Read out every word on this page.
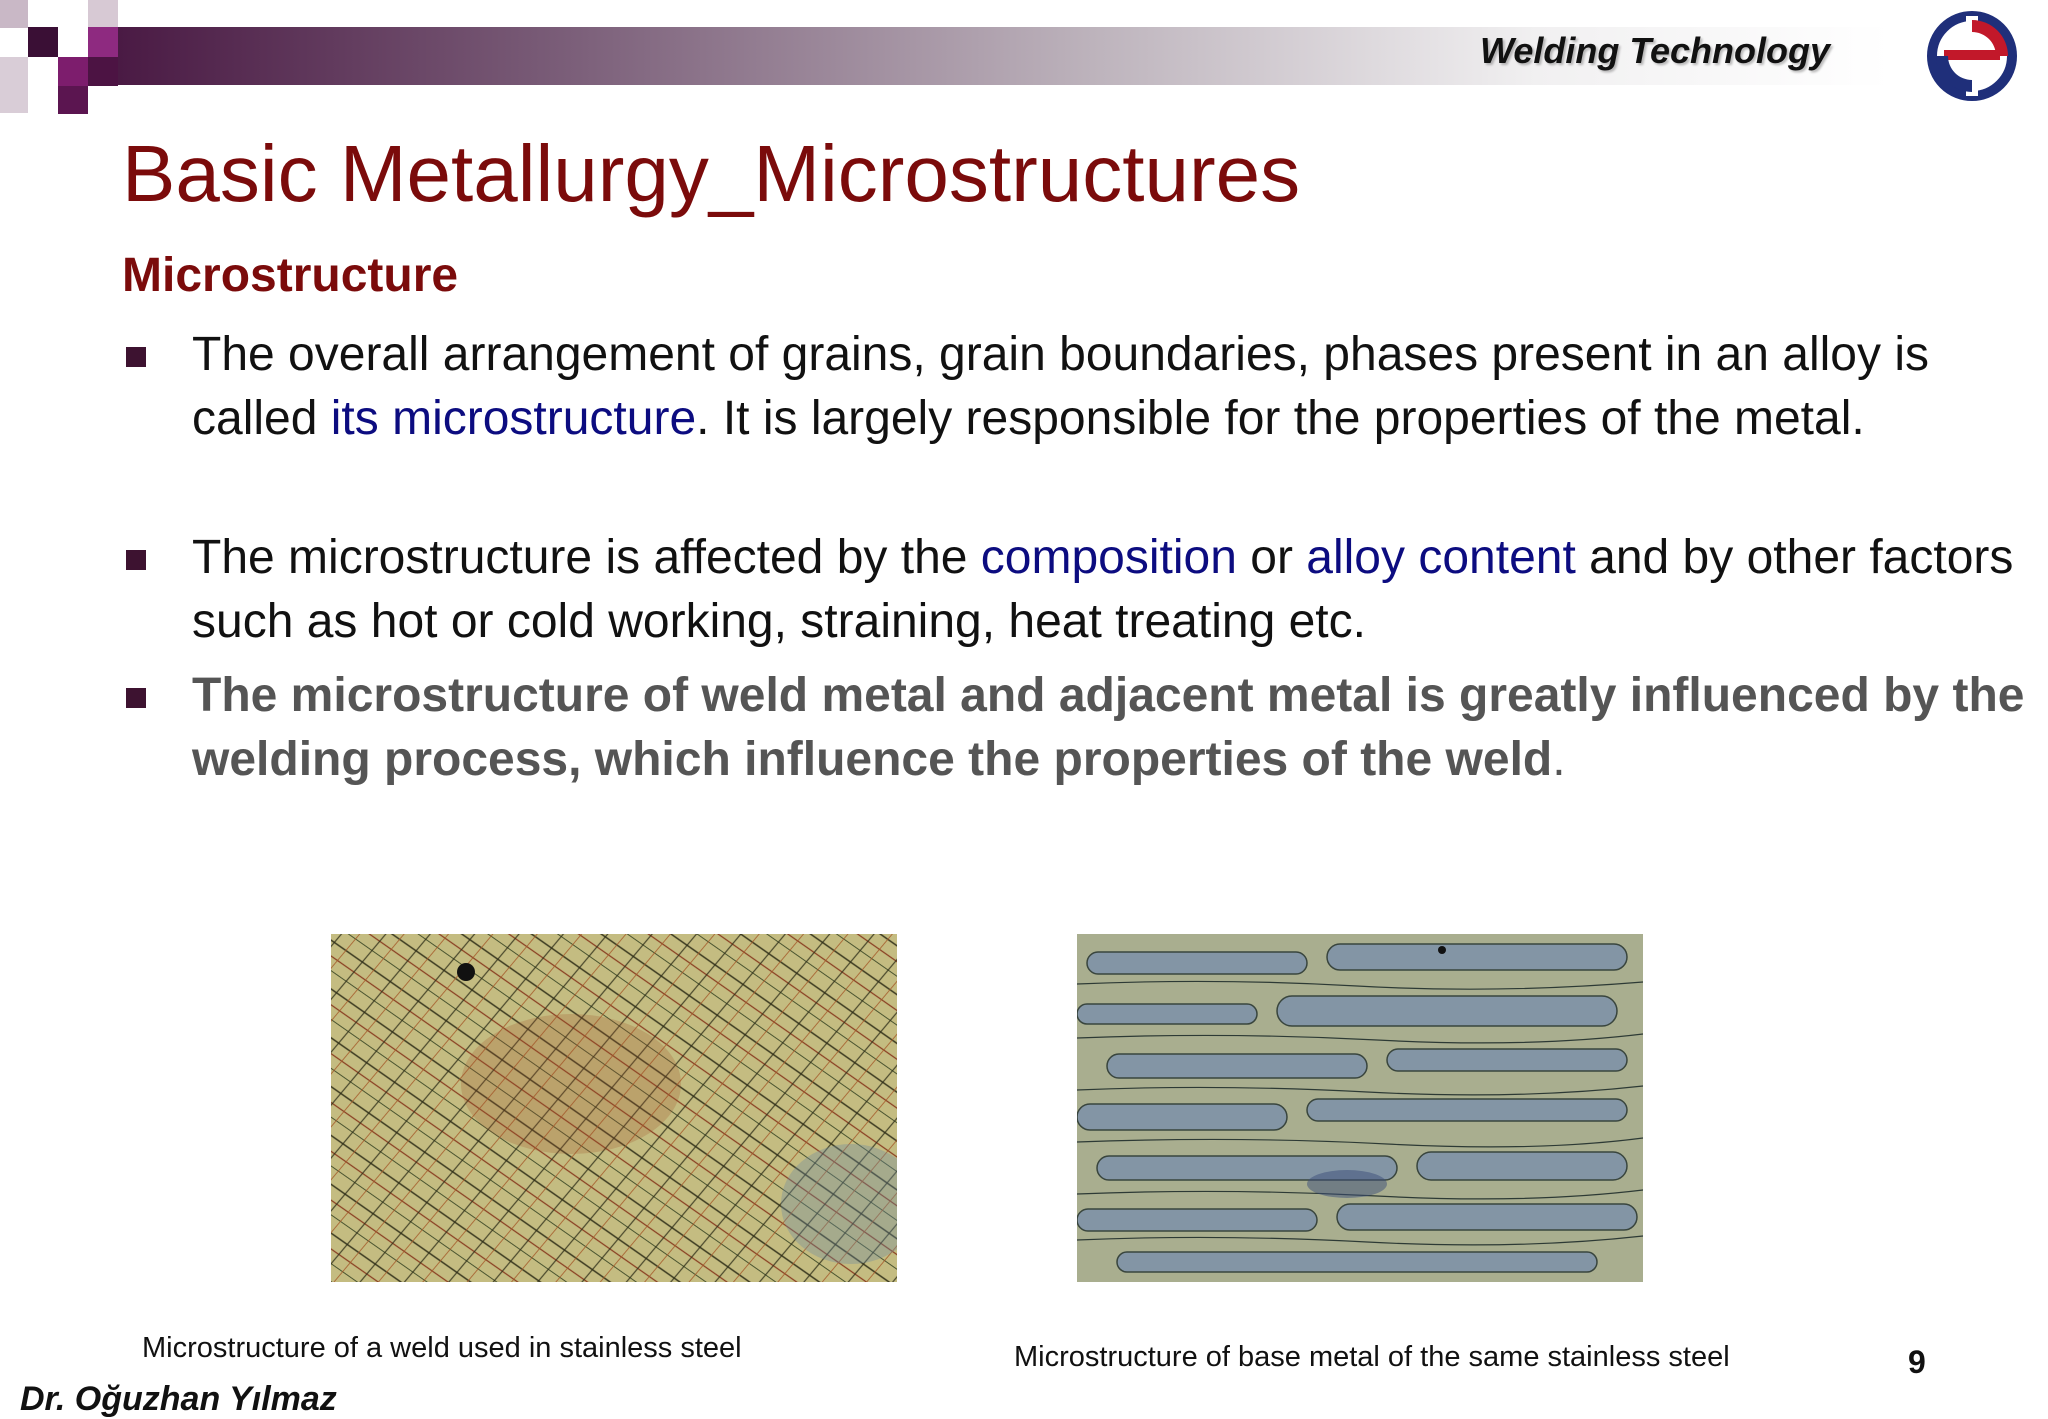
Welding Technology
Basic Metallurgy_Microstructures
Microstructure
The overall arrangement of grains, grain boundaries, phases present in an alloy is called its microstructure. It is largely responsible for the properties of the metal.
The microstructure is affected by the composition or alloy content and by other factors such as hot or cold working, straining, heat treating etc.
The microstructure of weld metal and adjacent metal is greatly influenced by the welding process, which influence the properties of the weld.
Microstructure of a weld used in stainless steel	Microstructure of base metal of the same stainless steel
Dr. Oğuzhan Yılmaz
9
